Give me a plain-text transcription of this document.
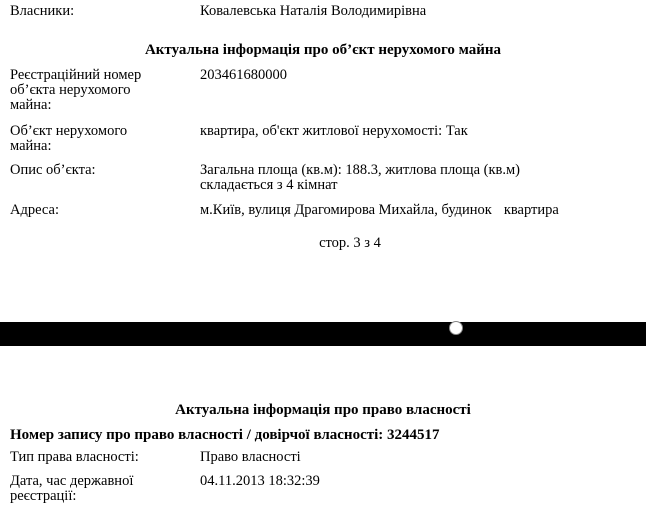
Власники:	Ковалевська Наталія Володимирівна
Актуальна інформація про об’єкт нерухомого майна
Реєстраційний номер об’єкта нерухомого майна:
203461680000
Об’єкт нерухомого майна:
квартира, об'єкт житлової нерухомості: Так
Опис об’єкта:	Загальна площа (кв.м): 188.3, житлова площа (кв.м) складається з 4 кімнат
Адреса:	м.Київ, вулиця Драгомирова Михайла, будинок квартира
стор. 3 з 4
Актуальна інформація про право власності
Номер запису про право власності / довірчої власності: 3244517
Тип права власності:	Право власності
Дата, час державної реєстрації:
04.11.2013 18:32:39
